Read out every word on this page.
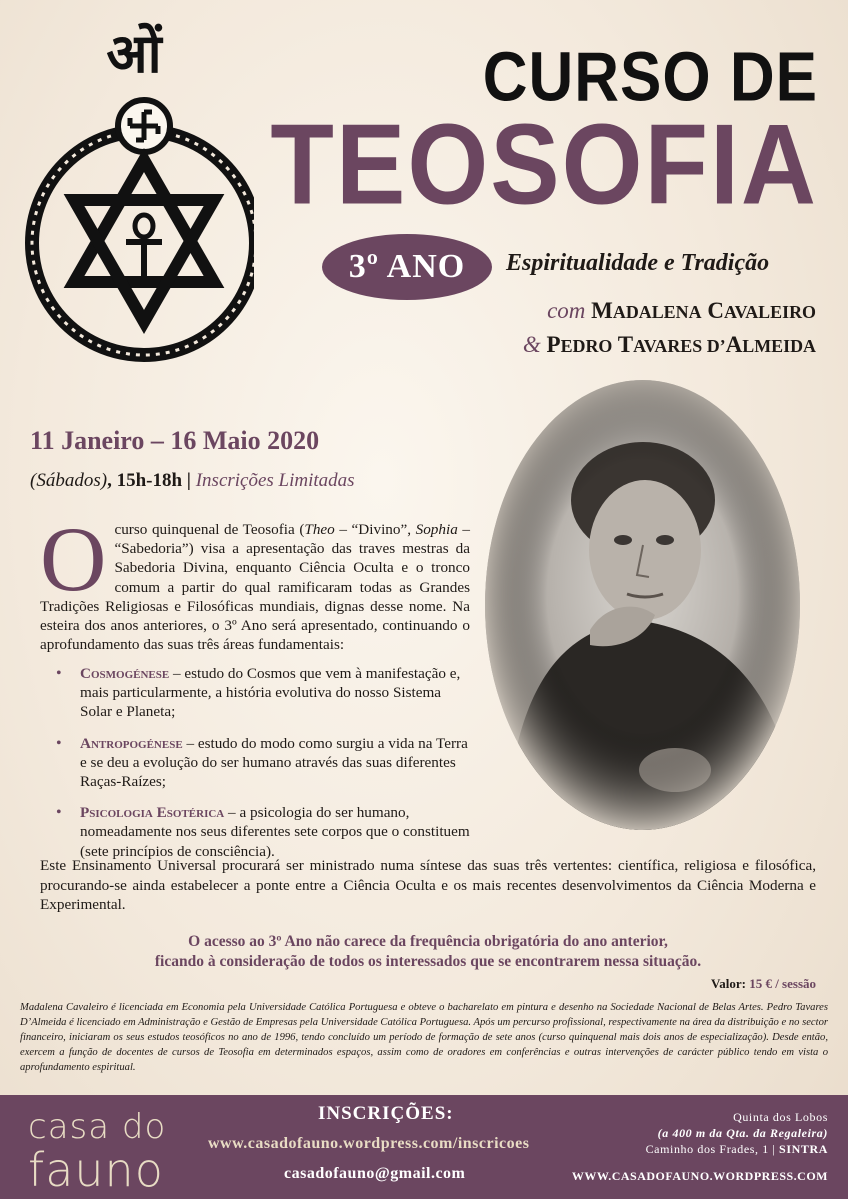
ओं	CURSO DE
TEOSOFIA
3º ANO	Espiritualidade e Tradição
com MADALENA CAVALEIRO
& PEDRO TAVARES D’ALMEIDA
11 Janeiro – 16 Maio 2020
(Sábados), 15h-18h | Inscrições Limitadas
Ocurso quinquenal de Teosofia (Theo – “Divino”, Sophia – “Sabedoria”) visa a apresentação das traves mestras da Sabedoria Divina, enquanto Ciência Oculta e o tronco comum a partir do qual ramificaram todas as Grandes Tradições Religiosas e Filosóficas mundiais, dignas desse nome. Na esteira dos anos anteriores, o 3º Ano será apresentado, continuando o aprofundamento das suas três áreas fundamentais:
• Cosmogénese – estudo do Cosmos que vem à manifestação e, mais particularmente, a história evolutiva do nosso Sistema Solar e Planeta;
• Antropogénese – estudo do modo como surgiu a vida na Terra e se deu a evolução do ser humano através das suas diferentes Raças-Raízes;
• Psicologia Esotérica – a psicologia do ser humano, nomeadamente nos seus diferentes sete corpos que o constituem (sete princípios de consciência).
Este Ensinamento Universal procurará ser ministrado numa síntese das suas três vertentes: científica, religiosa e filosófica, procurando-se ainda estabelecer a ponte entre a Ciência Oculta e os mais recentes desenvolvimentos da Ciência Moderna e Experimental.
O acesso ao 3º Ano não carece da frequência obrigatória do ano anterior,
ficando à consideração de todos os interessados que se encontrarem nessa situação.
Valor: 15 € / sessão
Madalena Cavaleiro é licenciada em Economia pela Universidade Católica Portuguesa e obteve o bacharelato em pintura e desenho na Sociedade Nacional de Belas Artes. Pedro Tavares D’Almeida é licenciado em Administração e Gestão de Empresas pela Universidade Católica Portuguesa. Após um percurso profissional, respectivamente na área da distribuição e no sector financeiro, iniciaram os seus estudos teosóficos no ano de 1996, tendo concluído um período de formação de sete anos (curso quinquenal mais dois anos de especialização). Desde então, exercem a função de docentes de cursos de Teosofia em determinados espaços, assim como de oradores em conferências e outras intervenções de carácter público tendo em vista o aprofundamento espiritual.
casa do
fauno
INSCRIÇÕES:
www.casadofauno.wordpress.com/inscricoes
casadofauno@gmail.com
Quinta dos Lobos
(a 400 m da Qta. da Regaleira)
Caminho dos Frades, 1 | SINTRA
WWW.CASADOFAUNO.WORDPRESS.COM
